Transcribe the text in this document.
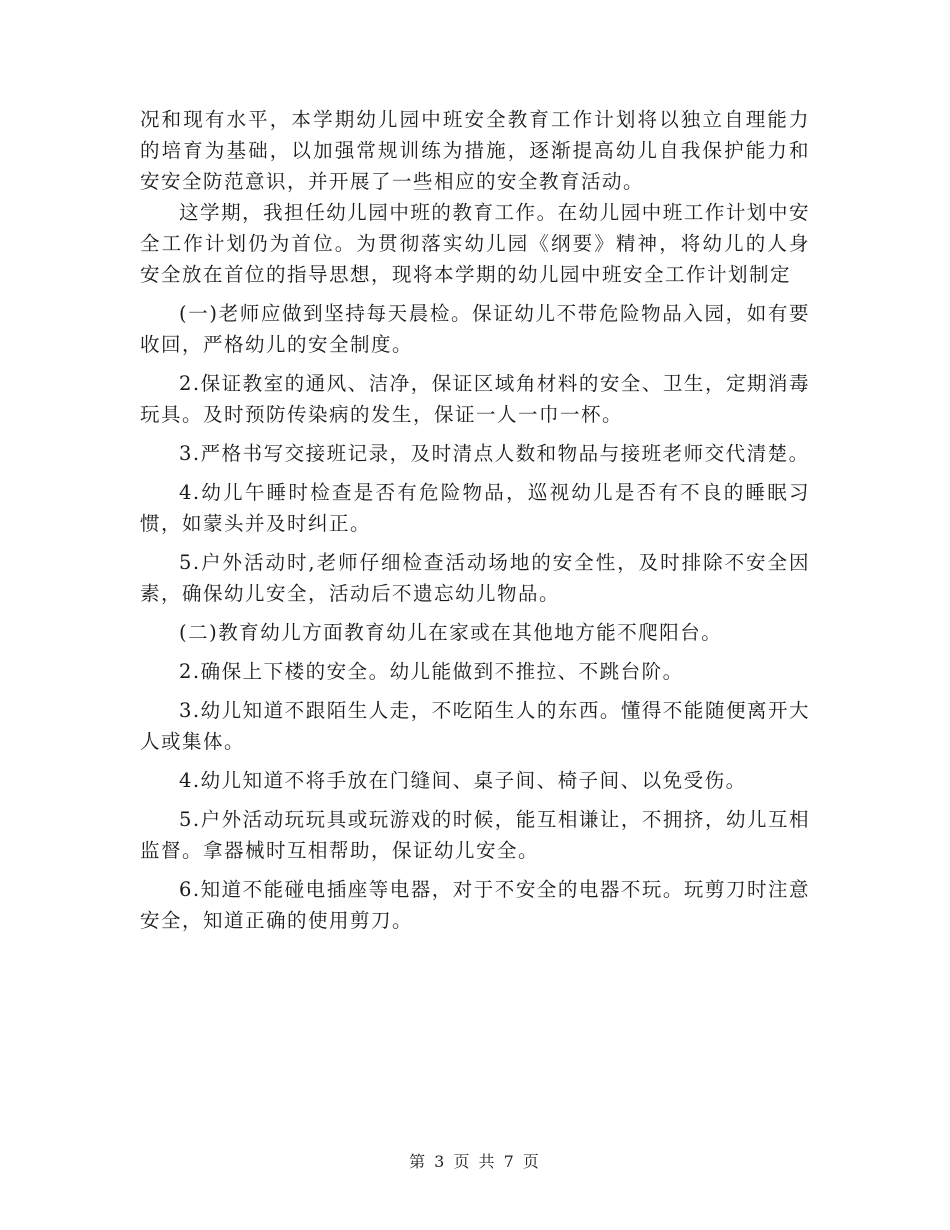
况和现有水平，本学期幼儿园中班安全教育工作计划将以独立自理能力的培育为基础，以加强常规训练为措施，逐渐提高幼儿自我保护能力和安安全防范意识，并开展了一些相应的安全教育活动。

这学期，我担任幼儿园中班的教育工作。在幼儿园中班工作计划中安全工作计划仍为首位。为贯彻落实幼儿园《纲要》精神，将幼儿的人身安全放在首位的指导思想，现将本学期的幼儿园中班安全工作计划制定

(一)老师应做到坚持每天晨检。保证幼儿不带危险物品入园，如有要收回，严格幼儿的安全制度。

2.保证教室的通风、洁净，保证区域角材料的安全、卫生，定期消毒玩具。及时预防传染病的发生，保证一人一巾一杯。

3.严格书写交接班记录，及时清点人数和物品与接班老师交代清楚。

4.幼儿午睡时检查是否有危险物品，巡视幼儿是否有不良的睡眠习惯，如蒙头并及时纠正。

5.户外活动时,老师仔细检查活动场地的安全性，及时排除不安全因素，确保幼儿安全，活动后不遗忘幼儿物品。

(二)教育幼儿方面教育幼儿在家或在其他地方能不爬阳台。

2.确保上下楼的安全。幼儿能做到不推拉、不跳台阶。

3.幼儿知道不跟陌生人走，不吃陌生人的东西。懂得不能随便离开大人或集体。

4.幼儿知道不将手放在门缝间、桌子间、椅子间、以免受伤。

5.户外活动玩玩具或玩游戏的时候，能互相谦让，不拥挤，幼儿互相监督。拿器械时互相帮助，保证幼儿安全。

6.知道不能碰电插座等电器，对于不安全的电器不玩。玩剪刀时注意安全，知道正确的使用剪刀。

第 3 页 共 7 页
